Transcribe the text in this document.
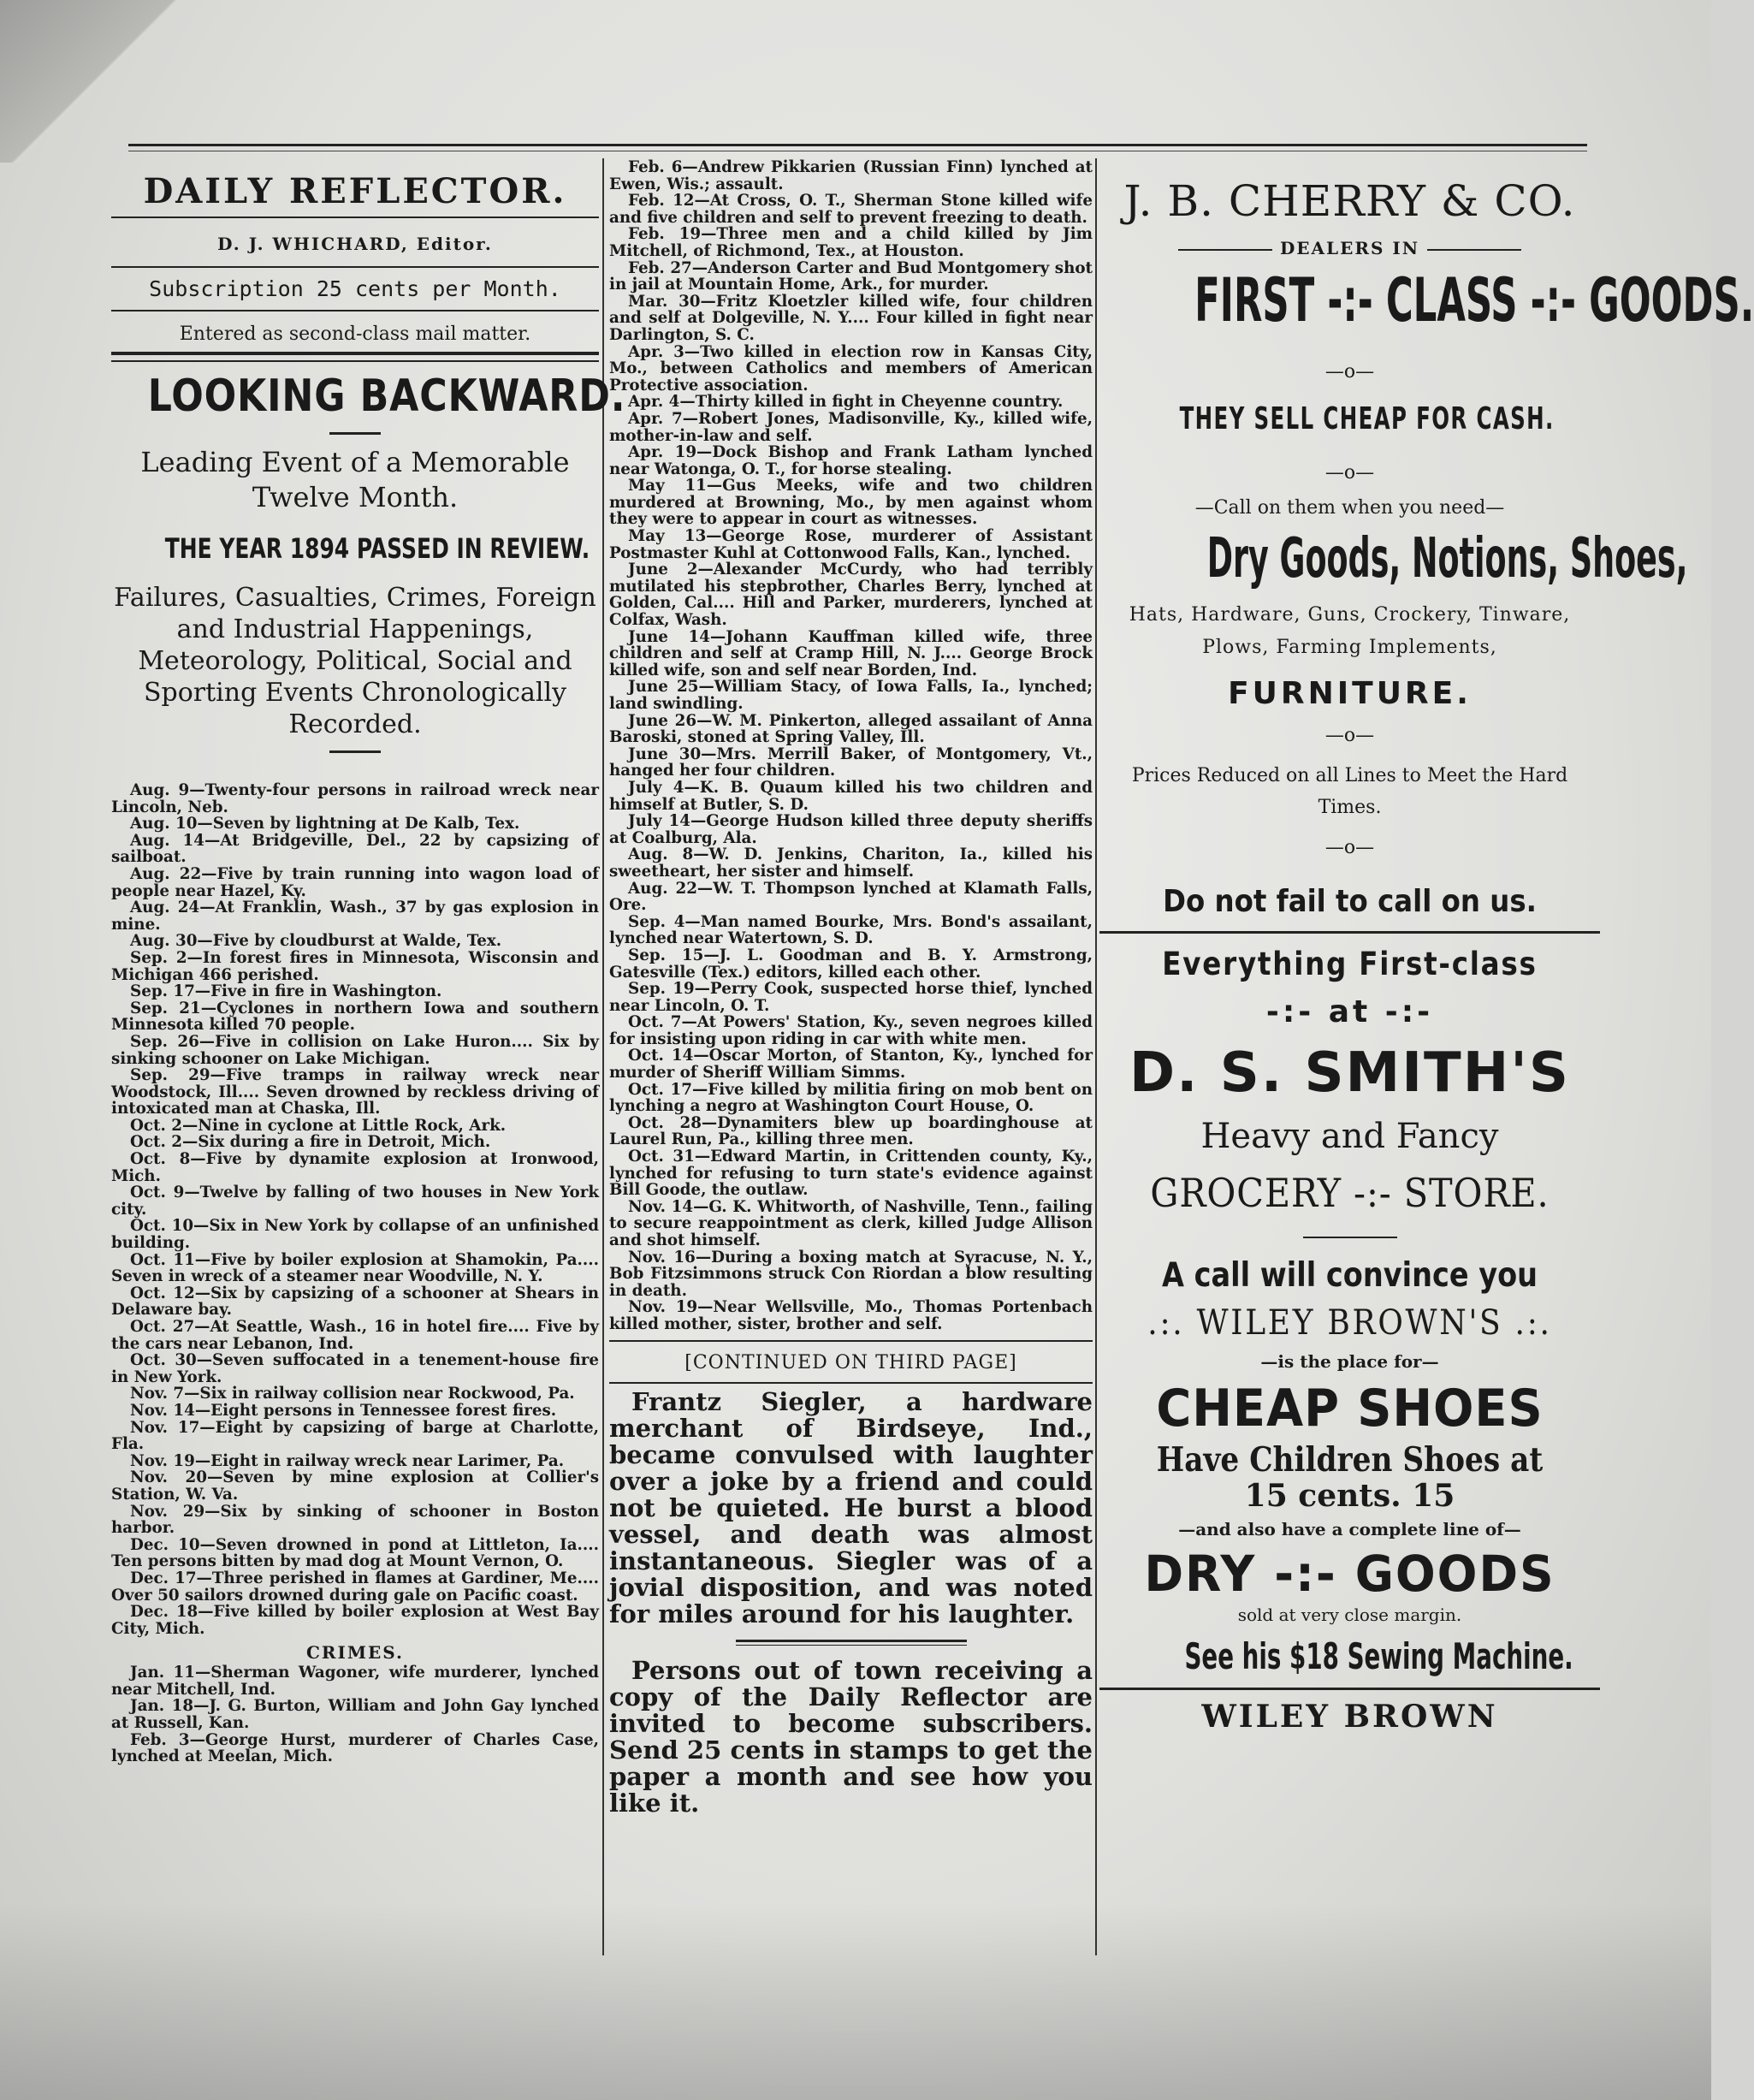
DAILY REFLECTOR.
D. J. WHICHARD, Editor.
Subscription 25 cents per Month.
Entered as second-class mail matter.
LOOKING BACKWARD.
Leading Event of a Memorable Twelve Month.
THE YEAR 1894 PASSED IN REVIEW.
Failures, Casualties, Crimes, Foreign and Industrial Happenings, Meteorology, Political, Social and Sporting Events Chronologically Recorded.

Aug. 9—Twenty-four persons in railroad wreck near Lincoln, Neb.

Aug. 10—Seven by lightning at De Kalb, Tex.

Aug. 14—At Bridgeville, Del., 22 by capsizing of sailboat.

Aug. 22—Five by train running into wagon load of people near Hazel, Ky.

Aug. 24—At Franklin, Wash., 37 by gas explosion in mine.

Aug. 30—Five by cloudburst at Walde, Tex.

Sep. 2—In forest fires in Minnesota, Wisconsin and Michigan 466 perished.

Sep. 17—Five in fire in Washington.

Sep. 21—Cyclones in northern Iowa and southern Minnesota killed 70 people.

Sep. 26—Five in collision on Lake Huron.... Six by sinking schooner on Lake Michigan.

Sep. 29—Five tramps in railway wreck near Woodstock, Ill.... Seven drowned by reckless driving of intoxicated man at Chaska, Ill.

Oct. 2—Nine in cyclone at Little Rock, Ark.

Oct. 2—Six during a fire in Detroit, Mich.

Oct. 8—Five by dynamite explosion at Ironwood, Mich.

Oct. 9—Twelve by falling of two houses in New York city.

Oct. 10—Six in New York by collapse of an unfinished building.

Oct. 11—Five by boiler explosion at Shamokin, Pa.... Seven in wreck of a steamer near Woodville, N. Y.

Oct. 12—Six by capsizing of a schooner at Shears in Delaware bay.

Oct. 27—At Seattle, Wash., 16 in hotel fire.... Five by the cars near Lebanon, Ind.

Oct. 30—Seven suffocated in a tenement-house fire in New York.

Nov. 7—Six in railway collision near Rockwood, Pa.

Nov. 14—Eight persons in Tennessee forest fires.

Nov. 17—Eight by capsizing of barge at Charlotte, Fla.

Nov. 19—Eight in railway wreck near Larimer, Pa.

Nov. 20—Seven by mine explosion at Collier's Station, W. Va.

Nov. 29—Six by sinking of schooner in Boston harbor.

Dec. 10—Seven drowned in pond at Littleton, Ia.... Ten persons bitten by mad dog at Mount Vernon, O.

Dec. 17—Three perished in flames at Gardiner, Me.... Over 50 sailors drowned during gale on Pacific coast.

Dec. 18—Five killed by boiler explosion at West Bay City, Mich.

CRIMES.

Jan. 11—Sherman Wagoner, wife murderer, lynched near Mitchell, Ind.

Jan. 18—J. G. Burton, William and John Gay lynched at Russell, Kan.

Feb. 3—George Hurst, murderer of Charles Case, lynched at Meelan, Mich.

Feb. 6—Andrew Pikkarien (Russian Finn) lynched at Ewen, Wis.; assault.

Feb. 12—At Cross, O. T., Sherman Stone killed wife and five children and self to prevent freezing to death.

Feb. 19—Three men and a child killed by Jim Mitchell, of Richmond, Tex., at Houston.

Feb. 27—Anderson Carter and Bud Montgomery shot in jail at Mountain Home, Ark., for murder.

Mar. 30—Fritz Kloetzler killed wife, four children and self at Dolgeville, N. Y.... Four killed in fight near Darlington, S. C.

Apr. 3—Two killed in election row in Kansas City, Mo., between Catholics and members of American Protective association.

Apr. 4—Thirty killed in fight in Cheyenne country.

Apr. 7—Robert Jones, Madisonville, Ky., killed wife, mother-in-law and self.

Apr. 19—Dock Bishop and Frank Latham lynched near Watonga, O. T., for horse stealing.

May 11—Gus Meeks, wife and two children murdered at Browning, Mo., by men against whom they were to appear in court as witnesses.

May 13—George Rose, murderer of Assistant Postmaster Kuhl at Cottonwood Falls, Kan., lynched.

June 2—Alexander McCurdy, who had terribly mutilated his stepbrother, Charles Berry, lynched at Golden, Cal.... Hill and Parker, murderers, lynched at Colfax, Wash.

June 14—Johann Kauffman killed wife, three children and self at Cramp Hill, N. J.... George Brock killed wife, son and self near Borden, Ind.

June 25—William Stacy, of Iowa Falls, Ia., lynched; land swindling.

June 26—W. M. Pinkerton, alleged assailant of Anna Baroski, stoned at Spring Valley, Ill.

June 30—Mrs. Merrill Baker, of Montgomery, Vt., hanged her four children.

July 4—K. B. Quaum killed his two children and himself at Butler, S. D.

July 14—George Hudson killed three deputy sheriffs at Coalburg, Ala.

Aug. 8—W. D. Jenkins, Chariton, Ia., killed his sweetheart, her sister and himself.

Aug. 22—W. T. Thompson lynched at Klamath Falls, Ore.

Sep. 4—Man named Bourke, Mrs. Bond's assailant, lynched near Watertown, S. D.

Sep. 15—J. L. Goodman and B. Y. Armstrong, Gatesville (Tex.) editors, killed each other.

Sep. 19—Perry Cook, suspected horse thief, lynched near Lincoln, O. T.

Oct. 7—At Powers' Station, Ky., seven negroes killed for insisting upon riding in car with white men.

Oct. 14—Oscar Morton, of Stanton, Ky., lynched for murder of Sheriff William Simms.

Oct. 17—Five killed by militia firing on mob bent on lynching a negro at Washington Court House, O.

Oct. 28—Dynamiters blew up boardinghouse at Laurel Run, Pa., killing three men.

Oct. 31—Edward Martin, in Crittenden county, Ky., lynched for refusing to turn state's evidence against Bill Goode, the outlaw.

Nov. 14—G. K. Whitworth, of Nashville, Tenn., failing to secure reappointment as clerk, killed Judge Allison and shot himself.

Nov. 16—During a boxing match at Syracuse, N. Y., Bob Fitzsimmons struck Con Riordan a blow resulting in death.

Nov. 19—Near Wellsville, Mo., Thomas Portenbach killed mother, sister, brother and self.

[CONTINUED ON THIRD PAGE]

Frantz Siegler, a hardware merchant of Birdseye, Ind., became convulsed with laughter over a joke by a friend and could not be quieted. He burst a blood vessel, and death was almost instantaneous. Siegler was of a jovial disposition, and was noted for miles around for his laughter.

Persons out of town receiving a copy of the Daily Reflector are invited to become subscribers. Send 25 cents in stamps to get the paper a month and see how you like it.

J. B. CHERRY & CO.
DEALERS IN
FIRST -:- CLASS -:- GOODS.
—o—
THEY SELL CHEAP FOR CASH.
—o—
—Call on them when you need—
Dry Goods, Notions, Shoes,
Hats, Hardware, Guns, Crockery, Tinware, Plows, Farming Implements,
FURNITURE.
—o—
Prices Reduced on all Lines to Meet the Hard Times.
—o—
Do not fail to call on us.
Everything First-class
-:- at -:-
D. S. SMITH'S
Heavy and Fancy
GROCERY -:- STORE.
A call will convince you
.:. WILEY BROWN'S .:.
—is the place for—
CHEAP SHOES
Have Children Shoes at
15 cents. 15
—and also have a complete line of—
DRY -:- GOODS
sold at very close margin.
See his $18 Sewing Machine.
WILEY BROWN
